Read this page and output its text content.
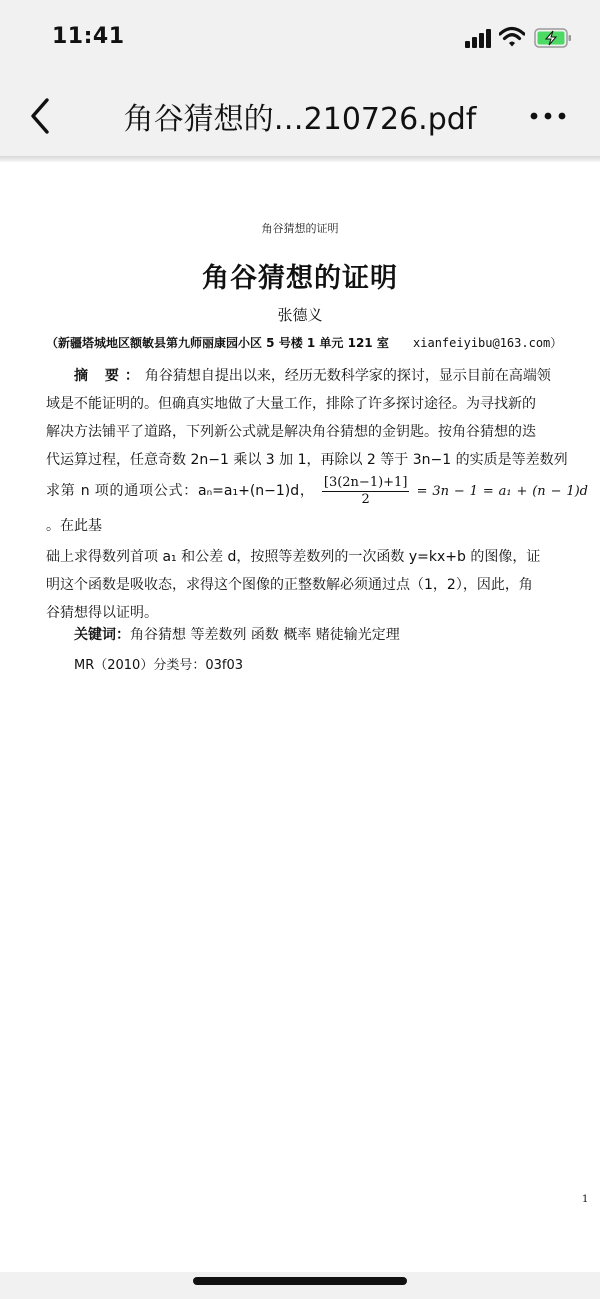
11:41
角谷猜想的…210726.pdf
角谷猜想的证明
角谷猜想的证明
张德义
（新疆塔城地区额敏县第九师丽康园小区 5 号楼 1 单元 121 室 xianfeiyibu@163.com）
摘 要：角谷猜想自提出以来，经历无数科学家的探讨，显示目前在高端领
域是不能证明的。但确真实地做了大量工作，排除了许多探讨途径。为寻找新的
解决方法铺平了道路，下列新公式就是解决角谷猜想的金钥匙。按角谷猜想的迭
代运算过程，任意奇数 2n−1 乘以 3 加 1，再除以 2 等于 3n−1 的实质是等差数列
求第 n 项的通项公式：aₙ=a₁+(n−1)d， $\frac{[3(2n-1)+1]}{2} = 3n - 1 = a_1 + (n - 1)d$ 。在此基
础上求得数列首项 a₁ 和公差 d，按照等差数列的一次函数 y=kx+b 的图像，证
明这个函数是吸收态，求得这个图像的正整数解必须通过点（1，2），因此，角
谷猜想得以证明。
关键词：角谷猜想 等差数列 函数 概率 赌徒输光定理
MR（2010）分类号：03f03
1
